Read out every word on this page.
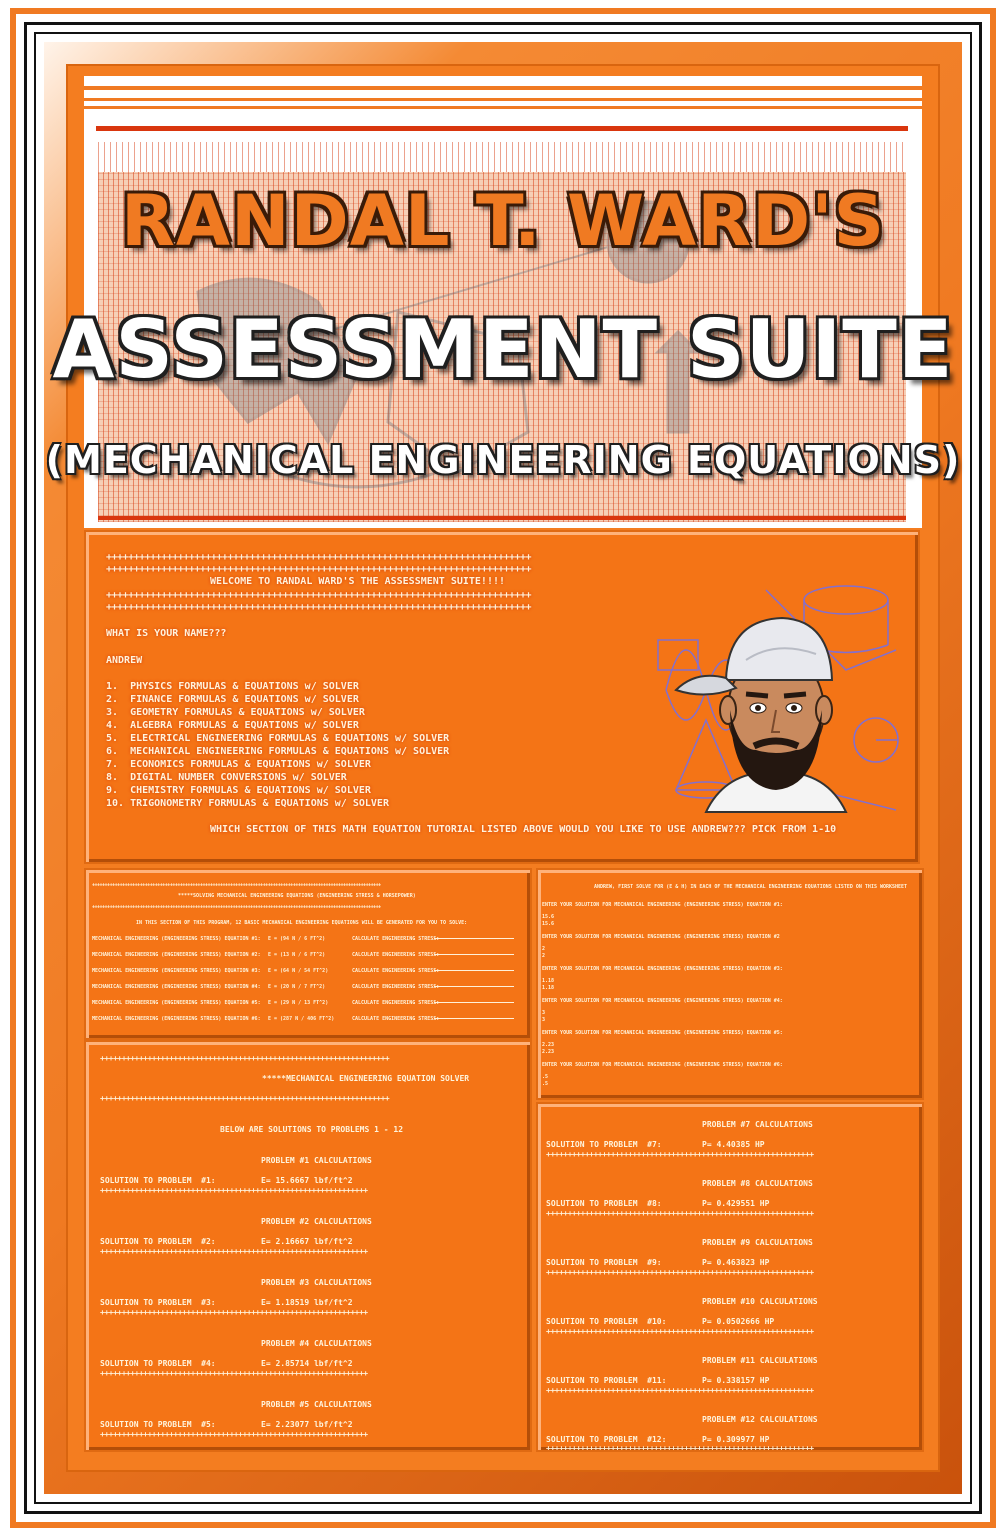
RANDAL T. WARD'S
ASSESSMENT SUITE
(MECHANICAL ENGINEERING EQUATIONS)
+++++++++++++++++++++++++++++++++++++++++++++++++++++++++++++++++++++++++++++
+++++++++++++++++++++++++++++++++++++++++++++++++++++++++++++++++++++++++++++
WELCOME TO RANDAL WARD'S THE ASSESSMENT SUITE!!!!
+++++++++++++++++++++++++++++++++++++++++++++++++++++++++++++++++++++++++++++
+++++++++++++++++++++++++++++++++++++++++++++++++++++++++++++++++++++++++++++
WHAT IS YOUR NAME???
ANDREW
1.  PHYSICS FORMULAS & EQUATIONS w/ SOLVER
2.  FINANCE FORMULAS & EQUATIONS w/ SOLVER
3.  GEOMETRY FORMULAS & EQUATIONS w/ SOLVER
4.  ALGEBRA FORMULAS & EQUATIONS w/ SOLVER
5.  ELECTRICAL ENGINEERING FORMULAS & EQUATIONS w/ SOLVER
6.  MECHANICAL ENGINEERING FORMULAS & EQUATIONS w/ SOLVER
7.  ECONOMICS FORMULAS & EQUATIONS w/ SOLVER
8.  DIGITAL NUMBER CONVERSIONS w/ SOLVER
9.  CHEMISTRY FORMULAS & EQUATIONS w/ SOLVER
10. TRIGONOMETRY FORMULAS & EQUATIONS w/ SOLVER
WHICH SECTION OF THIS MATH EQUATION TUTORIAL LISTED ABOVE WOULD YOU LIKE TO USE ANDREW??? PICK FROM 1-10
+++++++++++++++++++++++++++++++++++++++++++++++++++++++++++++++++++++++++++++++++++++++++++++++++++++++++++++++++++
*****SOLVING MECHANICAL ENGINEERING EQUATIONS (ENGINEERING STRESS & HORSEPOWER)
+++++++++++++++++++++++++++++++++++++++++++++++++++++++++++++++++++++++++++++++++++++++++++++++++++++++++++++++++++
IN THIS SECTION OF THIS PROGRAM, 12 BASIC MECHANICAL ENGINEERING EQUATIONS WILL BE GENERATED FOR YOU TO SOLVE:
MECHANICAL ENGINEERING (ENGINEERING STRESS) EQUATION #1: E = (94 N / 6 FT^2)	CALCULATE ENGINEERING STRESS:
MECHANICAL ENGINEERING (ENGINEERING STRESS) EQUATION #2: E = (13 N / 6 FT^2)	CALCULATE ENGINEERING STRESS:
MECHANICAL ENGINEERING (ENGINEERING STRESS) EQUATION #3: E = (64 N / 54 FT^2)	CALCULATE ENGINEERING STRESS:
MECHANICAL ENGINEERING (ENGINEERING STRESS) EQUATION #4: E = (20 N / 7 FT^2)	CALCULATE ENGINEERING STRESS:
MECHANICAL ENGINEERING (ENGINEERING STRESS) EQUATION #5: E = (29 N / 13 FT^2)	CALCULATE ENGINEERING STRESS:
MECHANICAL ENGINEERING (ENGINEERING STRESS) EQUATION #6: E = (287 N / 406 FT^2)	CALCULATE ENGINEERING STRESS:
ANDREW, FIRST SOLVE FOR (E & H) IN EACH OF THE MECHANICAL ENGINEERING EQUATIONS LISTED ON THIS WORKSHEET
ENTER YOUR SOLUTION FOR MECHANICAL ENGINEERING (ENGINEERING STRESS) EQUATION #1:
15.6
15.6
ENTER YOUR SOLUTION FOR MECHANICAL ENGINEERING (ENGINEERING STRESS) EQUATION #2
2
2
ENTER YOUR SOLUTION FOR MECHANICAL ENGINEERING (ENGINEERING STRESS) EQUATION #3:
1.18
1.18
ENTER YOUR SOLUTION FOR MECHANICAL ENGINEERING (ENGINEERING STRESS) EQUATION #4:
3
3
ENTER YOUR SOLUTION FOR MECHANICAL ENGINEERING (ENGINEERING STRESS) EQUATION #5:
2.23
2.23
ENTER YOUR SOLUTION FOR MECHANICAL ENGINEERING (ENGINEERING STRESS) EQUATION #6:
.5
.5
+++++++++++++++++++++++++++++++++++++++++++++++++++++++++++++++++++
*****MECHANICAL ENGINEERING EQUATION SOLVER
+++++++++++++++++++++++++++++++++++++++++++++++++++++++++++++++++++
BELOW ARE SOLUTIONS TO PROBLEMS 1 - 12
PROBLEM #1 CALCULATIONS
SOLUTION TO PROBLEM  #1:	E= 15.6667 lbf/ft^2
++++++++++++++++++++++++++++++++++++++++++++++++++++++++++++++
PROBLEM #2 CALCULATIONS
SOLUTION TO PROBLEM  #2:	E= 2.16667 lbf/ft^2
++++++++++++++++++++++++++++++++++++++++++++++++++++++++++++++
PROBLEM #3 CALCULATIONS
SOLUTION TO PROBLEM  #3:	E= 1.18519 lbf/ft^2
++++++++++++++++++++++++++++++++++++++++++++++++++++++++++++++
PROBLEM #4 CALCULATIONS
SOLUTION TO PROBLEM  #4:	E= 2.85714 lbf/ft^2
++++++++++++++++++++++++++++++++++++++++++++++++++++++++++++++
PROBLEM #5 CALCULATIONS
SOLUTION TO PROBLEM  #5:	E= 2.23077 lbf/ft^2
++++++++++++++++++++++++++++++++++++++++++++++++++++++++++++++
PROBLEM #7 CALCULATIONS
SOLUTION TO PROBLEM  #7:	P= 4.40385 HP
++++++++++++++++++++++++++++++++++++++++++++++++++++++++++++++
PROBLEM #8 CALCULATIONS
SOLUTION TO PROBLEM  #8:	P= 0.429551 HP
++++++++++++++++++++++++++++++++++++++++++++++++++++++++++++++
PROBLEM #9 CALCULATIONS
SOLUTION TO PROBLEM  #9:	P= 0.463823 HP
++++++++++++++++++++++++++++++++++++++++++++++++++++++++++++++
PROBLEM #10 CALCULATIONS
SOLUTION TO PROBLEM  #10:	P= 0.0502666 HP
++++++++++++++++++++++++++++++++++++++++++++++++++++++++++++++
PROBLEM #11 CALCULATIONS
SOLUTION TO PROBLEM  #11:	P= 0.338157 HP
++++++++++++++++++++++++++++++++++++++++++++++++++++++++++++++
PROBLEM #12 CALCULATIONS
SOLUTION TO PROBLEM  #12:	P= 0.309977 HP
++++++++++++++++++++++++++++++++++++++++++++++++++++++++++++++
